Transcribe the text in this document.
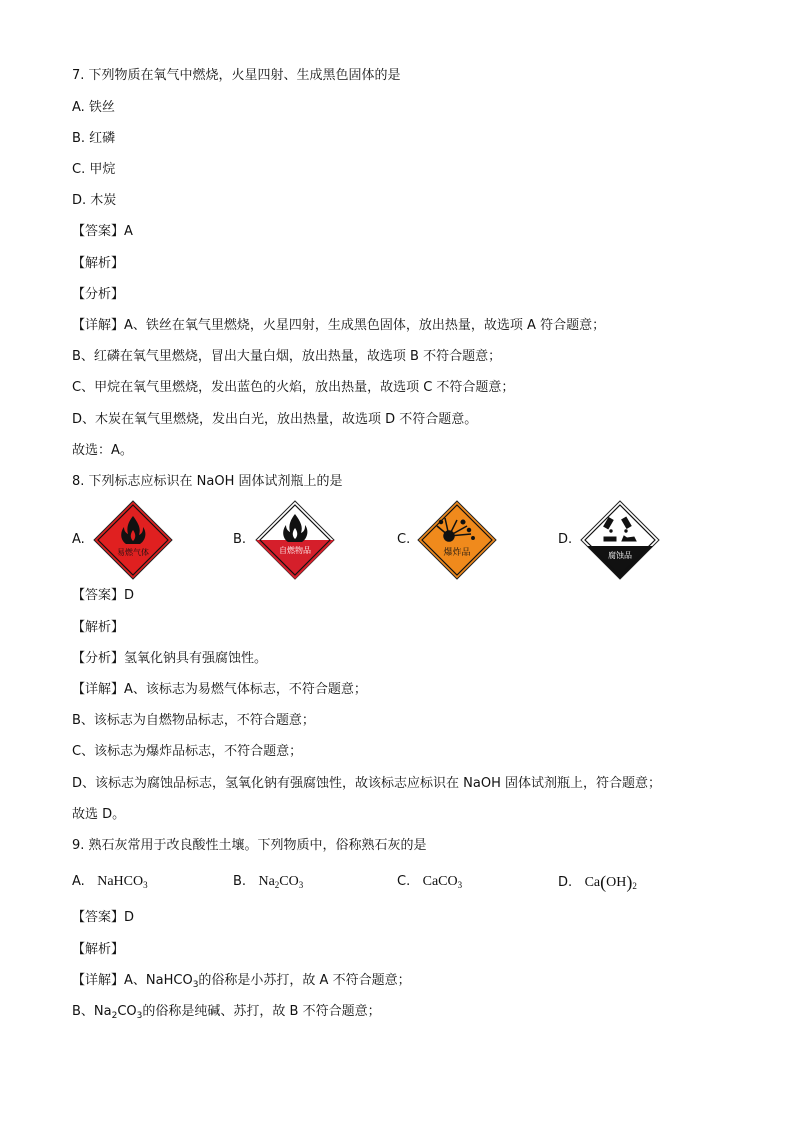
7. 下列物质在氧气中燃烧，火星四射、生成黑色固体的是
A. 铁丝
B. 红磷
C. 甲烷
D. 木炭
【答案】A
【解析】
【分析】
【详解】A、铁丝在氧气里燃烧，火星四射，生成黑色固体，放出热量，故选项 A 符合题意；
B、红磷在氧气里燃烧，冒出大量白烟，放出热量，故选项 B 不符合题意；
C、甲烷在氧气里燃烧，发出蓝色的火焰，放出热量，故选项 C 不符合题意；
D、木炭在氧气里燃烧，发出白光，放出热量，故选项 D 不符合题意。
故选：A。
8. 下列标志应标识在 NaOH 固体试剂瓶上的是
A.
易燃气体
B.
自燃物品
C.
爆炸品
D.
腐蚀品
【答案】D
【解析】
【分析】氢氧化钠具有强腐蚀性。
【详解】A、该标志为易燃气体标志，不符合题意；
B、该标志为自燃物品标志，不符合题意；
C、该标志为爆炸品标志，不符合题意；
D、该标志为腐蚀品标志，氢氧化钠有强腐蚀性，故该标志应标识在 NaOH 固体试剂瓶上，符合题意；
故选 D。
9. 熟石灰常用于改良酸性土壤。下列物质中，俗称熟石灰的是
A. NaHCO$_3$	B. $Na_2CO_3$	C. CaCO$_3$	D. $Ca(OH)_2$
【答案】D
【解析】
【详解】A、NaHCO$_3$的俗称是小苏打，故 A 不符合题意；
B、$Na_2CO_3$的俗称是纯碱、苏打，故 B 不符合题意；
